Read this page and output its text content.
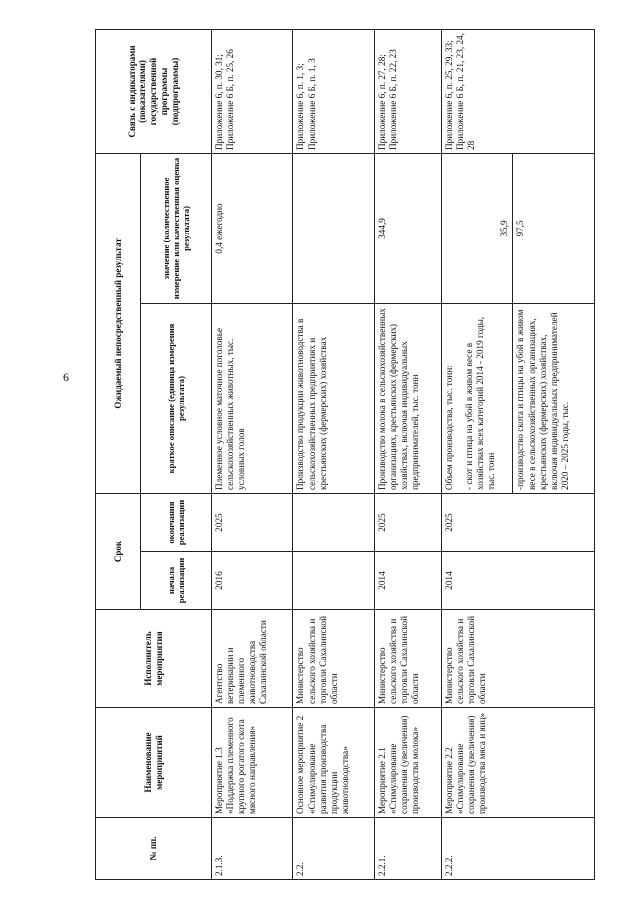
6
№ пп.	Наименование мероприятий	Исполнитель мероприятия	Срок		Ожидаемый непосредственный результат		Связь с индикаторами (показателями) государственной программы (подпрограммы)
			начала реализации	окончания реализации	краткое описание (единица измерения результата)	значение (количественное измерение или качественная оценка результата)	
2.1.3.	Мероприятие 1.3 «Поддержка племенного крупного рогатого скота мясного направления»	Агентство ветеринарии и племенного животноводства Сахалинской области	2016	2025	Племенное условное маточное поголовье сельскохозяйственных животных, тыс. условных голов	0,4 ежегодно	Приложение 6, п. 30, 31; Приложение 6 Б, п. 25, 26
2.2.	Основное мероприятие 2 «Стимулирование развития производства продукции животноводства»	Министерство сельского хозяйства и торговли Сахалинской области			Производство продукции животноводства в сельскохозяйственных предприятиях и крестьянских (фермерских) хозяйствах		Приложение 6, п. 1, 3; Приложение 6 Б, п. 1, 3
2.2.1.	Мероприятие 2.1 «Стимулирование сохранения (увеличения) производства молока»	Министерство сельского хозяйства и торговли Сахалинской области	2014	2025	Производство молока в сельскохозяйственных организациях, крестьянских (фермерских) хозяйствах, включая индивидуальных предпринимателей, тыс. тонн	344,9	Приложение 6, п. 27, 28; Приложение 6 Б, п. 22, 23
2.2.2.	Мероприятие 2.2 «Стимулирование сохранения (увеличения) производства мяса и яиц»	Министерство сельского хозяйства и торговли Сахалинской области	2014	2025	Объем производства, тыс. тонн:		Приложение 6, п. 25, 29, 33; Приложение 6 Б, п. 21, 23, 24, 28
					- скот и птица на убой в живом весе в хозяйствах всех категорий 2014 - 2019 годы, тыс. тонн	35,9	
					-производство скота и птицы на убой в живом весе в сельскохозяйственных организациях, крестьянских (фермерских) хозяйствах, включая индивидуальных предпринимателей 2020 – 2025 годы, тыс.	97,5	
